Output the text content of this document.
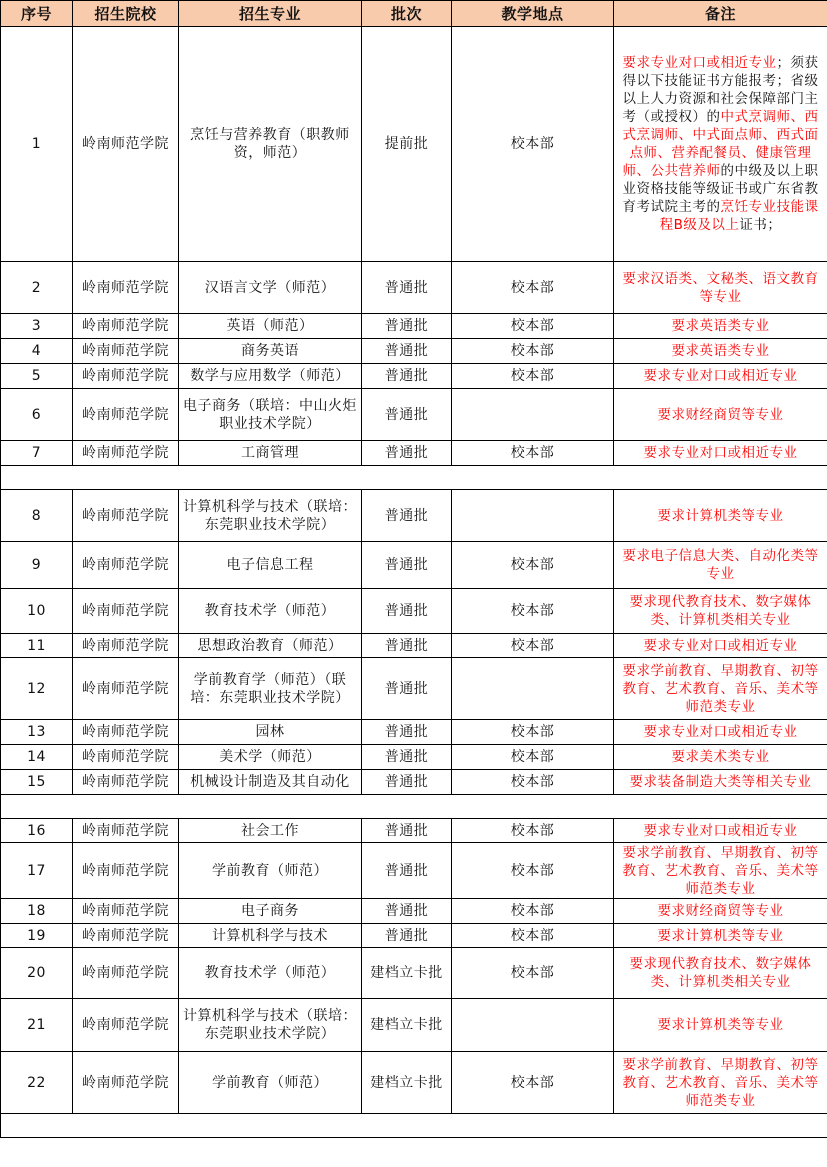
序号	招生院校	招生专业	批次	教学地点	备注
1	岭南师范学院	烹饪与营养教育（职教师资，师范）	提前批	校本部	要求专业对口或相近专业；须获得以下技能证书方能报考；省级以上人力资源和社会保障部门主考（或授权）的中式烹调师、西式烹调师、中式面点师、西式面点师、营养配餐员、健康管理师、公共营养师的中级及以上职业资格技能等级证书或广东省教育考试院主考的烹饪专业技能课程B级及以上证书；
2	岭南师范学院	汉语言文学（师范）	普通批	校本部	要求汉语类、文秘类、语文教育等专业
3	岭南师范学院	英语（师范）	普通批	校本部	要求英语类专业
4	岭南师范学院	商务英语	普通批	校本部	要求英语类专业
5	岭南师范学院	数学与应用数学（师范）	普通批	校本部	要求专业对口或相近专业
6	岭南师范学院	电子商务（联培：中山火炬职业技术学院）	普通批		要求财经商贸等专业
7	岭南师范学院	工商管理	普通批	校本部	要求专业对口或相近专业

8	岭南师范学院	计算机科学与技术（联培：东莞职业技术学院）	普通批		要求计算机类等专业
9	岭南师范学院	电子信息工程	普通批	校本部	要求电子信息大类、自动化类等专业
10	岭南师范学院	教育技术学（师范）	普通批	校本部	要求现代教育技术、数字媒体类、计算机类相关专业
11	岭南师范学院	思想政治教育（师范）	普通批	校本部	要求专业对口或相近专业
12	岭南师范学院	学前教育学（师范）（联培：东莞职业技术学院）	普通批		要求学前教育、早期教育、初等教育、艺术教育、音乐、美术等师范类专业
13	岭南师范学院	园林	普通批	校本部	要求专业对口或相近专业
14	岭南师范学院	美术学（师范）	普通批	校本部	要求美术类专业
15	岭南师范学院	机械设计制造及其自动化	普通批	校本部	要求装备制造大类等相关专业

16	岭南师范学院	社会工作	普通批	校本部	要求专业对口或相近专业
17	岭南师范学院	学前教育（师范）	普通批	校本部	要求学前教育、早期教育、初等教育、艺术教育、音乐、美术等师范类专业
18	岭南师范学院	电子商务	普通批	校本部	要求财经商贸等专业
19	岭南师范学院	计算机科学与技术	普通批	校本部	要求计算机类等专业
20	岭南师范学院	教育技术学（师范）	建档立卡批	校本部	要求现代教育技术、数字媒体类、计算机类相关专业
21	岭南师范学院	计算机科学与技术（联培：东莞职业技术学院）	建档立卡批		要求计算机类等专业
22	岭南师范学院	学前教育（师范）	建档立卡批	校本部	要求学前教育、早期教育、初等教育、艺术教育、音乐、美术等师范类专业
